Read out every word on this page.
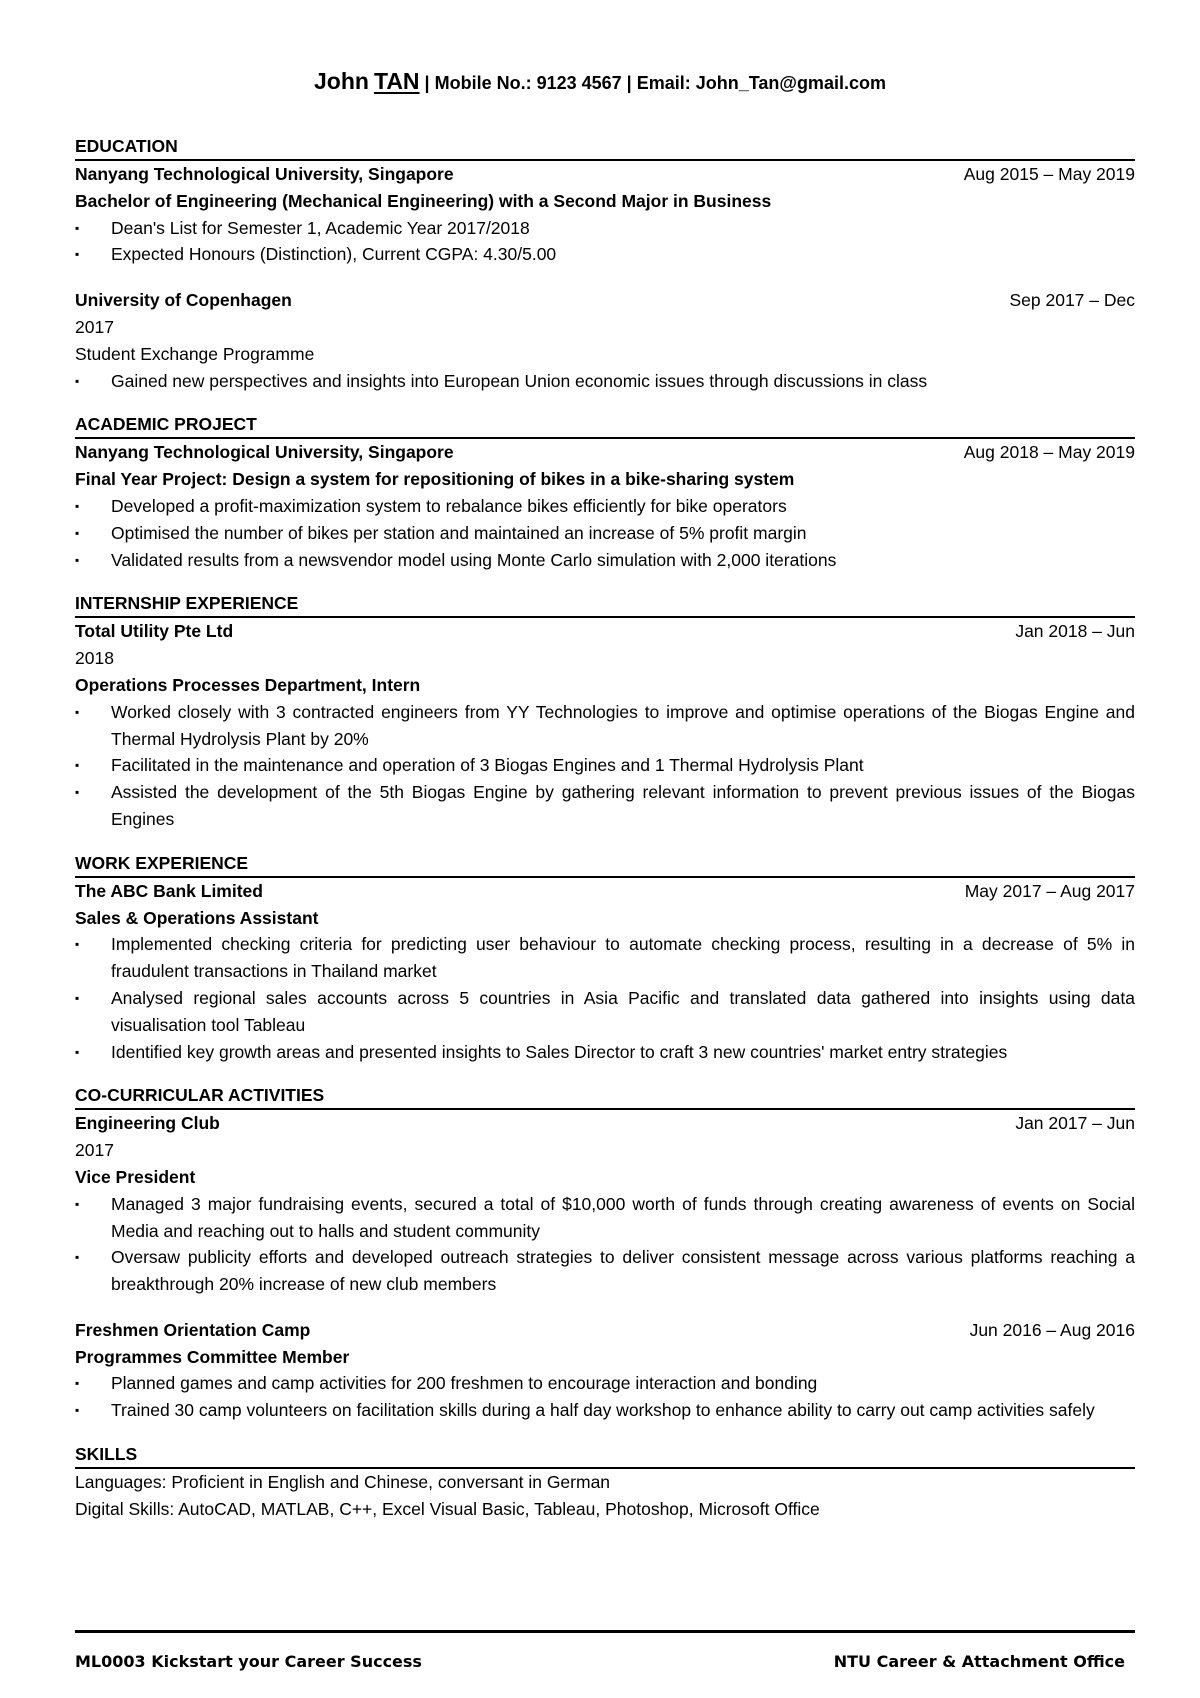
John TAN | Mobile No.: 9123 4567 | Email: John_Tan@gmail.com
EDUCATION
Nanyang Technological University, Singapore	Aug 2015 – May 2019
Bachelor of Engineering (Mechanical Engineering) with a Second Major in Business
▪ Dean's List for Semester 1, Academic Year 2017/2018
▪ Expected Honours (Distinction), Current CGPA: 4.30/5.00
University of Copenhagen	Sep 2017 – Dec
2017
Student Exchange Programme
▪ Gained new perspectives and insights into European Union economic issues through discussions in class
ACADEMIC PROJECT
Nanyang Technological University, Singapore	Aug 2018 – May 2019
Final Year Project: Design a system for repositioning of bikes in a bike-sharing system
▪ Developed a profit-maximization system to rebalance bikes efficiently for bike operators
▪ Optimised the number of bikes per station and maintained an increase of 5% profit margin
▪ Validated results from a newsvendor model using Monte Carlo simulation with 2,000 iterations
INTERNSHIP EXPERIENCE
Total Utility Pte Ltd	Jan 2018 – Jun
2018
Operations Processes Department, Intern
▪ Worked closely with 3 contracted engineers from YY Technologies to improve and optimise operations of the Biogas Engine and Thermal Hydrolysis Plant by 20%
▪ Facilitated in the maintenance and operation of 3 Biogas Engines and 1 Thermal Hydrolysis Plant
▪ Assisted the development of the 5th Biogas Engine by gathering relevant information to prevent previous issues of the Biogas Engines
WORK EXPERIENCE
The ABC Bank Limited	May 2017 – Aug 2017
Sales & Operations Assistant
▪ Implemented checking criteria for predicting user behaviour to automate checking process, resulting in a decrease of 5% in fraudulent transactions in Thailand market
▪ Analysed regional sales accounts across 5 countries in Asia Pacific and translated data gathered into insights using data visualisation tool Tableau
▪ Identified key growth areas and presented insights to Sales Director to craft 3 new countries' market entry strategies
CO-CURRICULAR ACTIVITIES
Engineering Club	Jan 2017 – Jun
2017
Vice President
▪ Managed 3 major fundraising events, secured a total of $10,000 worth of funds through creating awareness of events on Social Media and reaching out to halls and student community
▪ Oversaw publicity efforts and developed outreach strategies to deliver consistent message across various platforms reaching a breakthrough 20% increase of new club members
Freshmen Orientation Camp	Jun 2016 – Aug 2016
Programmes Committee Member
▪ Planned games and camp activities for 200 freshmen to encourage interaction and bonding
▪ Trained 30 camp volunteers on facilitation skills during a half day workshop to enhance ability to carry out camp activities safely
SKILLS
Languages: Proficient in English and Chinese, conversant in German
Digital Skills: AutoCAD, MATLAB, C++, Excel Visual Basic, Tableau, Photoshop, Microsoft Office
ML0003 Kickstart your Career Success	NTU Career & Attachment Office
